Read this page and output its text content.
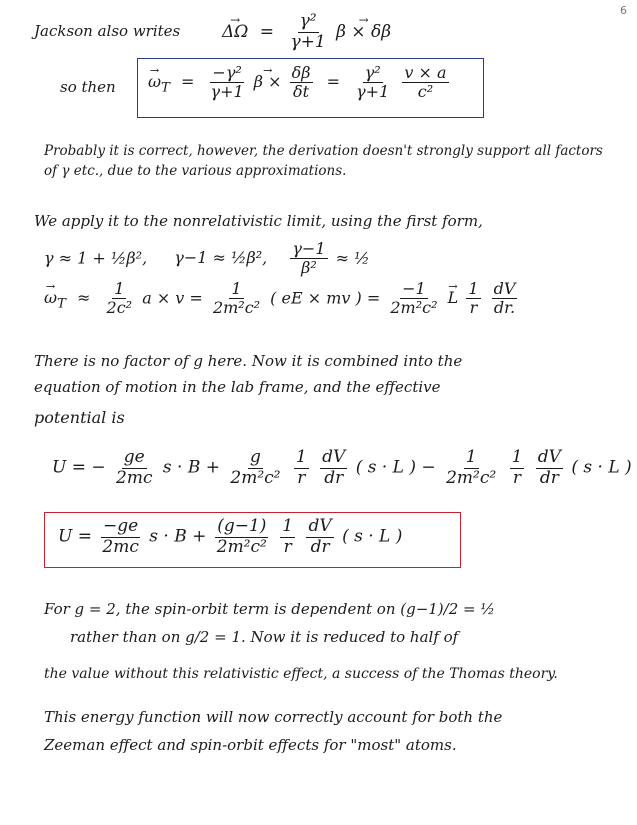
6
Jackson also writes
→ $\Delta\Omega = \frac{\text{γ²}}{\gamma+1}$
→ β × δβ
so then
→ $\omega_T = \frac{\text{−γ²}}{\gamma+1}$
→ $\beta \times \frac{\delta\beta}{\delta t} = \frac{\text{γ²}}{\gamma+1}$
$\frac{v \times a}{\text{c²}}$
Probably it is correct, however, the derivation doesn't strongly support all factors
of γ etc., due to the various approximations.
We apply it to the nonrelativistic limit, using the first form,
γ ≈ 1 + ½β², γ−1 ≈ ½β², $\frac{\gamma-1}{\text{β²}}$ ≈ ½
→ $\omega_T \approx \frac{1}{\text{2c²}}$ $a \times v = \frac{1}{\text{2m²c²}}$ ( eE × mv ) = $\frac{-1}{\text{2m²c²}}$
→ L $\frac{1}{r}$
$\frac{dV}{dr.}$
There is no factor of g here. Now it is combined into the
equation of motion in the lab frame, and the effective
potential is
U = − $\frac{ge}{2mc}$ $s \cdot B + \frac{g}{\text{2m²c²}}$
$\frac{1}{r}$
$\frac{dV}{dr}$ ( s · L ) − $\frac{1}{\text{2m²c²}}$
$\frac{1}{r}$
$\frac{dV}{dr}$ ( s · L )
$U = \frac{-ge}{2mc}$ $s \cdot B + \frac{(g-1)}{\text{2m²c²}}$
$\frac{1}{r}$
$\frac{dV}{dr}$ ( s · L )
For g = 2, the spin-orbit term is dependent on (g−1)/2 = ½
rather than on g/2 = 1. Now it is reduced to half of
the value without this relativistic effect, a success of the Thomas theory.
This energy function will now correctly account for both the
Zeeman effect and spin-orbit effects for "most" atoms.
